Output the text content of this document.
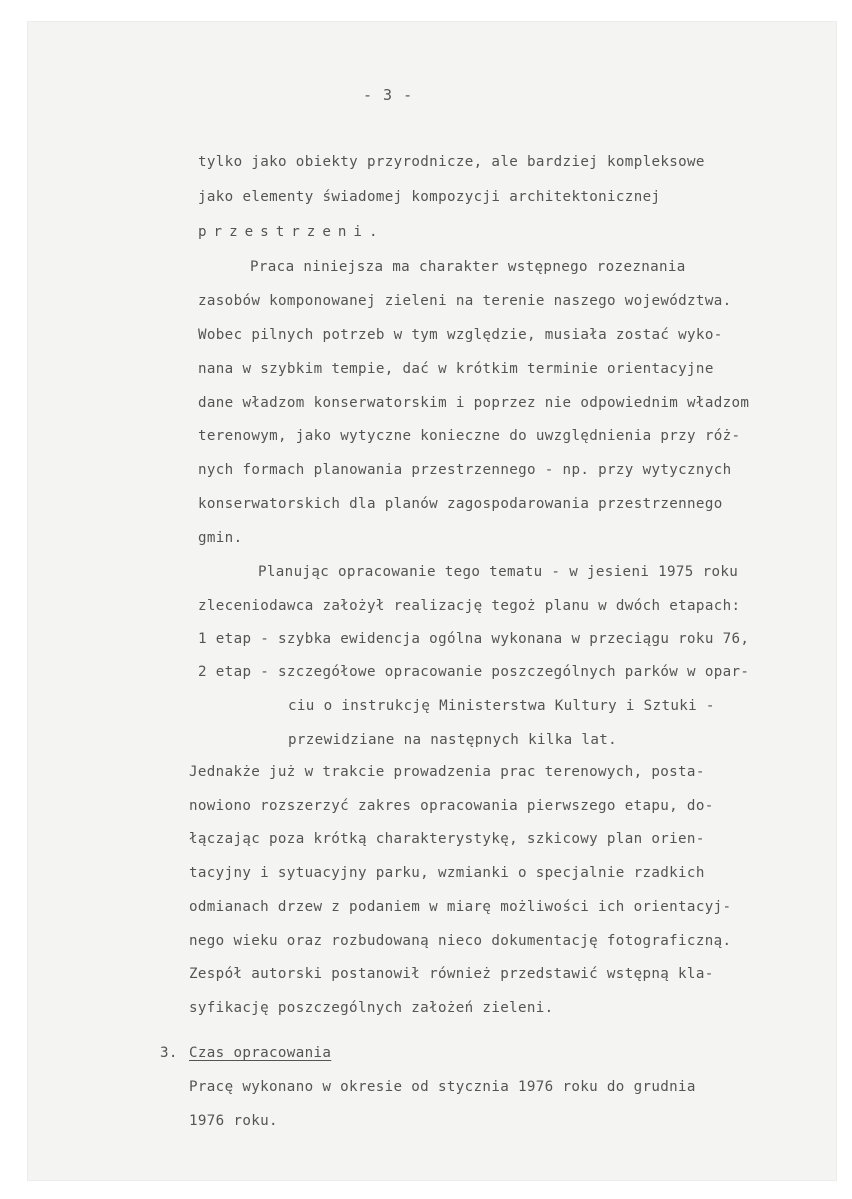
- 3 -
tylko jako obiekty przyrodnicze, ale bardziej kompleksowe
jako elementy świadomej kompozycji architektonicznej
przestrzeni.
Praca niniejsza ma charakter wstępnego rozeznania
zasobów komponowanej zieleni na terenie naszego województwa.
Wobec pilnych potrzeb w tym względzie, musiała zostać wyko-
nana w szybkim tempie, dać w krótkim terminie orientacyjne
dane władzom konserwatorskim i poprzez nie odpowiednim władzom
terenowym, jako wytyczne konieczne do uwzględnienia przy róż-
nych formach planowania przestrzennego - np. przy wytycznych
konserwatorskich dla planów zagospodarowania przestrzennego
gmin.
Planując opracowanie tego tematu - w jesieni 1975 roku
zleceniodawca założył realizację tegoż planu w dwóch etapach:
1 etap - szybka ewidencja ogólna wykonana w przeciągu roku 76,
2 etap - szczegółowe opracowanie poszczególnych parków w opar-
ciu o instrukcję Ministerstwa Kultury i Sztuki -
przewidziane na następnych kilka lat.
Jednakże już w trakcie prowadzenia prac terenowych, posta-
nowiono rozszerzyć zakres opracowania pierwszego etapu, do-
łączając poza krótką charakterystykę, szkicowy plan orien-
tacyjny i sytuacyjny parku, wzmianki o specjalnie rzadkich
odmianach drzew z podaniem w miarę możliwości ich orientacyj-
nego wieku oraz rozbudowaną nieco dokumentację fotograficzną.
Zespół autorski postanowił również przedstawić wstępną kla-
syfikację poszczególnych założeń zieleni.
3. Czas opracowania
Pracę wykonano w okresie od stycznia 1976 roku do grudnia
1976 roku.
